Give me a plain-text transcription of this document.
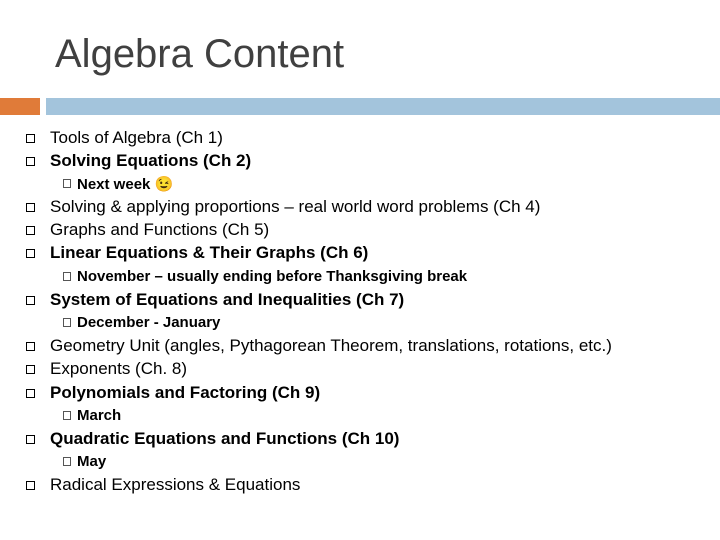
Algebra Content
Tools of Algebra (Ch 1)
Solving Equations (Ch 2)
Next week 😉
Solving & applying proportions – real world word problems (Ch 4)
Graphs and Functions (Ch 5)
Linear Equations & Their Graphs (Ch 6)
November – usually ending before Thanksgiving break
System of Equations and Inequalities (Ch 7)
December - January
Geometry Unit (angles, Pythagorean Theorem, translations, rotations, etc.)
Exponents (Ch. 8)
Polynomials and Factoring (Ch 9)
March
Quadratic Equations and Functions (Ch 10)
May
Radical Expressions & Equations
